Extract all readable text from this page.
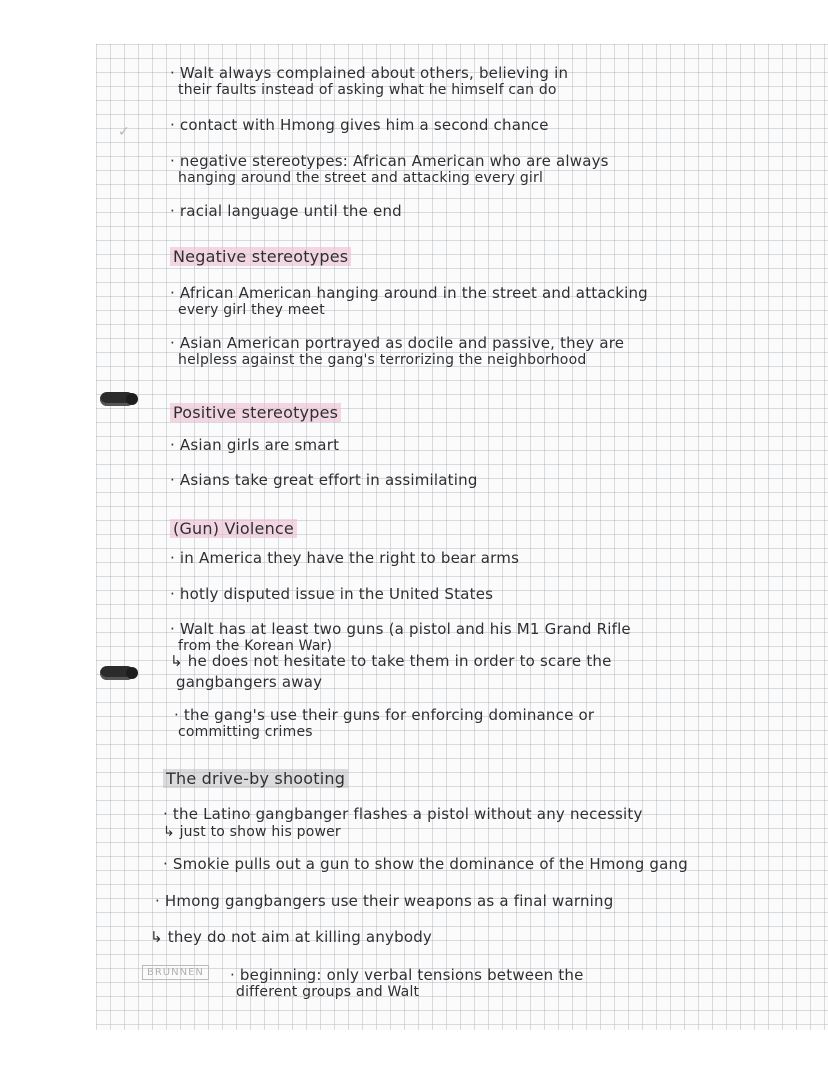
✓
BRUNNEN

· Walt always complained about others, believing in

their faults instead of asking what he himself can do

· contact with Hmong gives him a second chance

· negative stereotypes: African American who are always

hanging around the street and attacking every girl

· racial language until the end

Negative stereotypes

· African American hanging around in the street and attacking

every girl they meet

· Asian American portrayed as docile and passive, they are

helpless against the gang's terrorizing the neighborhood

Positive stereotypes

· Asian girls are smart

· Asians take great effort in assimilating

(Gun) Violence

· in America they have the right to bear arms

· hotly disputed issue in the United States

· Walt has at least two guns (a pistol and his M1 Grand Rifle

from the Korean War)

↳ he does not hesitate to take them in order to scare the

gangbangers away

· the gang's use their guns for enforcing dominance or

committing crimes

The drive-by shooting

· the Latino gangbanger flashes a pistol without any necessity

↳ just to show his power

· Smokie pulls out a gun to show the dominance of the Hmong gang

· Hmong gangbangers use their weapons as a final warning

↳ they do not aim at killing anybody

· beginning: only verbal tensions between the

different groups and Walt
